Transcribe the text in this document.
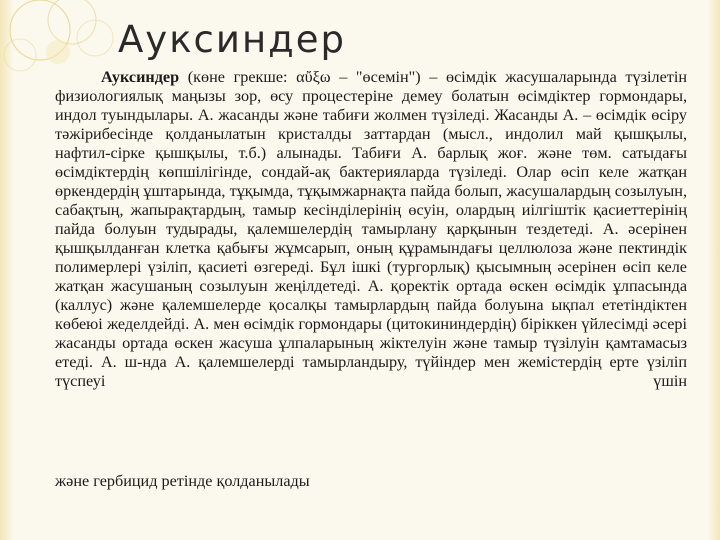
Ауксиндер

Ауксиндер (көне грекше: αὔξω – "өсемін") – өсімдік жасушаларында түзілетін физиологиялық маңызы зор, өсу процестеріне демеу болатын өсімдіктер гормондары, индол туындылары. А. жасанды және табиғи жолмен түзіледі. Жасанды А. – өсімдік өсіру тәжірибесінде қолданылатын кристалды заттардан (мысл., индолил май қышқылы, нафтил-сірке қышқылы, т.б.) алынады. Табиғи А. барлық жоғ. және төм. сатыдағы өсімдіктердің көпшілігінде, сондай-ақ бактерияларда түзіледі. Олар өсіп келе жатқан өркендердің ұштарында, тұқымда, тұқымжарнақта пайда болып, жасушалардың созылуын, сабақтың, жапырақтардың, тамыр кесінділерінің өсуін, олардың иілгіштік қасиеттерінің пайда болуын тудырады, қалемшелердің тамырлану қарқынын тездетеді. А. әсерінен қышқылданған клетка қабығы жұмсарып, оның құрамындағы целлюлоза және пектиндік полимерлері үзіліп, қасиеті өзгереді. Бұл ішкі (тургорлық) қысымның әсерінен өсіп келе жатқан жасушаның созылуын жеңілдетеді. А. қоректік ортада өскен өсімдік ұлпасында (каллус) және қалемшелерде қосалқы тамырлардың пайда болуына ықпал ететіндіктен көбеюі жеделдейді. А. мен өсімдік гормондары (цитокининдердің) біріккен үйлесімді әсері жасанды ортада өскен жасуша ұлпаларының жіктелуін және тамыр түзілуін қамтамасыз етеді. А. ш-нда А. қалемшелерді тамырландыру, түйіндер мен жемістердің ерте үзіліп түспеуі үшін

және гербицид ретінде қолданылады
